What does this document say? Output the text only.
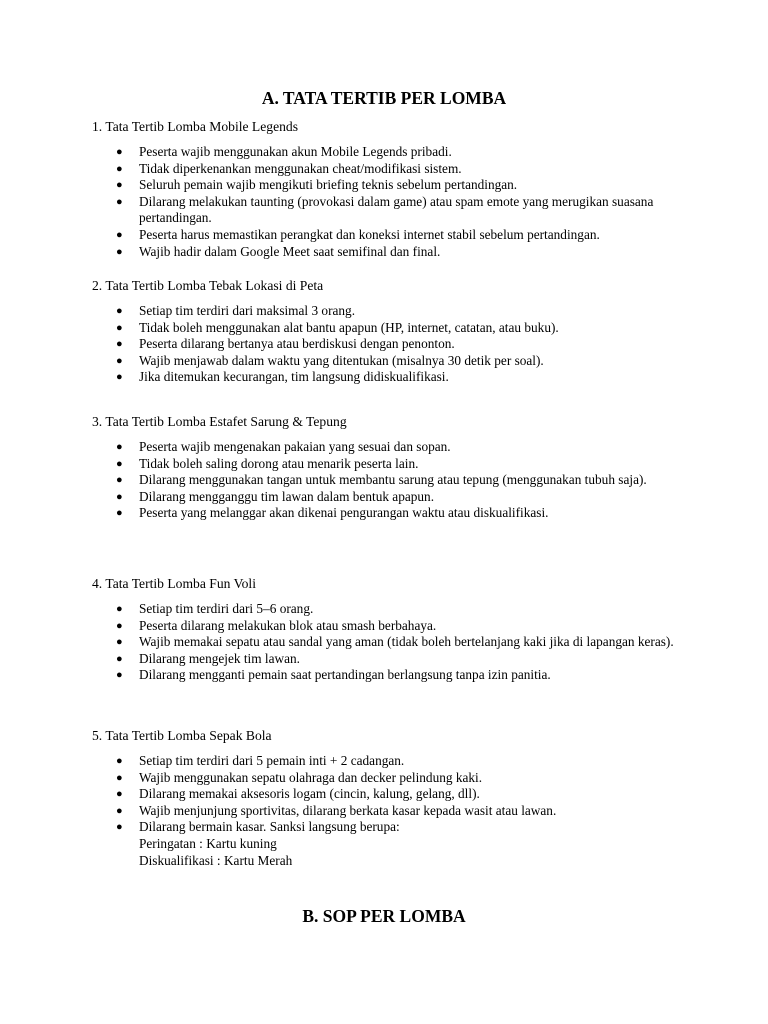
A. TATA TERTIB PER LOMBA

1. Tata Tertib Lomba Mobile Legends

● Peserta wajib menggunakan akun Mobile Legends pribadi.
● Tidak diperkenankan menggunakan cheat/modifikasi sistem.
● Seluruh pemain wajib mengikuti briefing teknis sebelum pertandingan.
● Dilarang melakukan taunting (provokasi dalam game) atau spam emote yang merugikan suasana pertandingan.
● Peserta harus memastikan perangkat dan koneksi internet stabil sebelum pertandingan.
● Wajib hadir dalam Google Meet saat semifinal dan final.

2. Tata Tertib Lomba Tebak Lokasi di Peta

● Setiap tim terdiri dari maksimal 3 orang.
● Tidak boleh menggunakan alat bantu apapun (HP, internet, catatan, atau buku).
● Peserta dilarang bertanya atau berdiskusi dengan penonton.
● Wajib menjawab dalam waktu yang ditentukan (misalnya 30 detik per soal).
● Jika ditemukan kecurangan, tim langsung didiskualifikasi.

3. Tata Tertib Lomba Estafet Sarung & Tepung

● Peserta wajib mengenakan pakaian yang sesuai dan sopan.
● Tidak boleh saling dorong atau menarik peserta lain.
● Dilarang menggunakan tangan untuk membantu sarung atau tepung (menggunakan tubuh saja).
● Dilarang mengganggu tim lawan dalam bentuk apapun.
● Peserta yang melanggar akan dikenai pengurangan waktu atau diskualifikasi.

4. Tata Tertib Lomba Fun Voli

● Setiap tim terdiri dari 5–6 orang.
● Peserta dilarang melakukan blok atau smash berbahaya.
● Wajib memakai sepatu atau sandal yang aman (tidak boleh bertelanjang kaki jika di lapangan keras).
● Dilarang mengejek tim lawan.
● Dilarang mengganti pemain saat pertandingan berlangsung tanpa izin panitia.

5. Tata Tertib Lomba Sepak Bola

● Setiap tim terdiri dari 5 pemain inti + 2 cadangan.
● Wajib menggunakan sepatu olahraga dan decker pelindung kaki.
● Dilarang memakai aksesoris logam (cincin, kalung, gelang, dll).
● Wajib menjunjung sportivitas, dilarang berkata kasar kepada wasit atau lawan.
● Dilarang bermain kasar. Sanksi langsung berupa:
Peringatan : Kartu kuning
Diskualifikasi : Kartu Merah
B. SOP PER LOMBA
